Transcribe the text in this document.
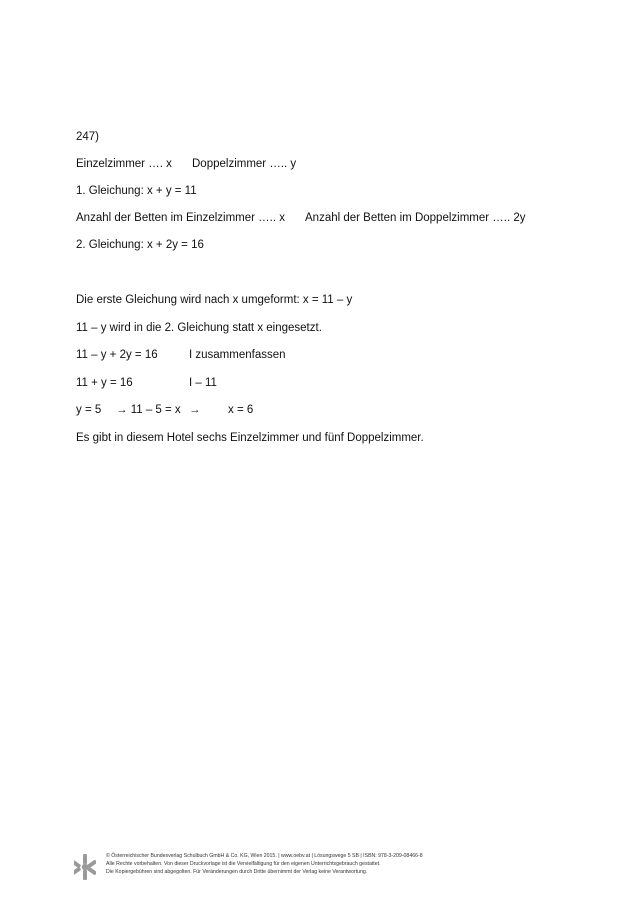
247)
Einzelzimmer …. x Doppelzimmer ….. y
1. Gleichung: x + y = 11
Anzahl der Betten im Einzelzimmer ….. x Anzahl der Betten im Doppelzimmer ….. 2y
2. Gleichung: x + 2y = 16
Die erste Gleichung wird nach x umgeformt: x = 11 – y
11 – y wird in die 2. Gleichung statt x eingesetzt.
11 – y + 2y = 16	I zusammenfassen
11 + y = 16	I – 11
y = 5 → 11 – 5 = x → x = 6
Es gibt in diesem Hotel sechs Einzelzimmer und fünf Doppelzimmer.
© Österreichischer Bundesverlag Schulbuch GmbH & Co. KG, Wien 2015. | www.oebv.at | Lösungswege 5 SB | ISBN: 978-3-209-08466-8
Alle Rechte vorbehalten. Von dieser Druckvorlage ist die Vervielfältigung für den eigenen Unterrichtsgebrauch gestattet.
Die Kopiergebühren sind abgegolten. Für Veränderungen durch Dritte übernimmt der Verlag keine Verantwortung.
